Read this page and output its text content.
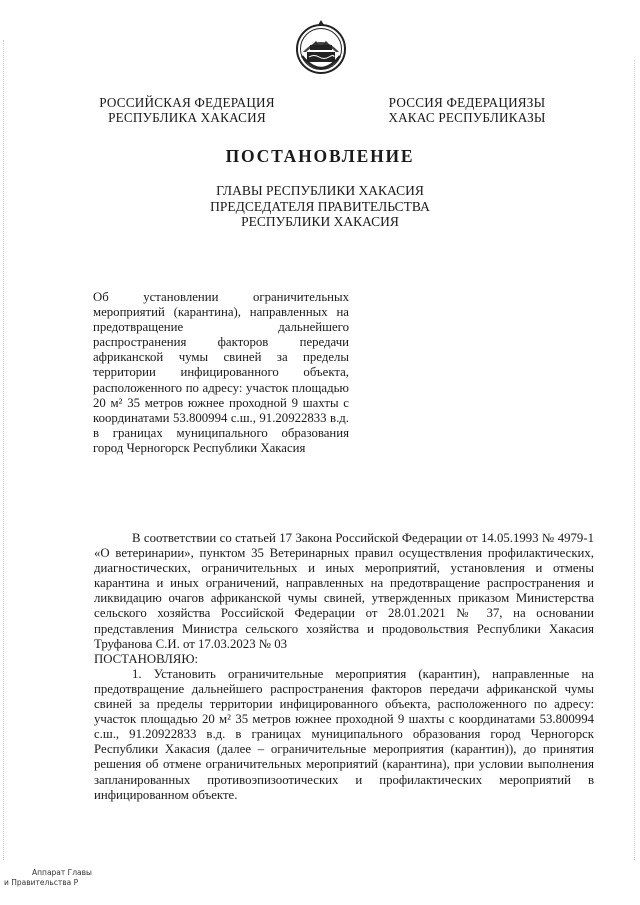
РОССИЙСКАЯ ФЕДЕРАЦИЯ
РЕСПУБЛИКА ХАКАСИЯ
РОССИЯ ФЕДЕРАЦИЯЗЫ
ХАКАС РЕСПУБЛИКАЗЫ
ПОСТАНОВЛЕНИЕ
ГЛАВЫ РЕСПУБЛИКИ ХАКАСИЯ
ПРЕДСЕДАТЕЛЯ ПРАВИТЕЛЬСТВА
РЕСПУБЛИКИ ХАКАСИЯ
Об установлении ограничительных мероприятий (карантина), направленных на предотвращение дальнейшего распространения факторов передачи африканской чумы свиней за пределы территории инфицированного объекта, расположенного по адресу: участок площадью 20 м² 35 метров южнее проходной 9 шахты с координатами 53.800994 с.ш., 91.20922833 в.д. в границах муниципального образования город Черногорск Республики Хакасия

В соответствии со статьей 17 Закона Российской Федерации от 14.05.1993 № 4979-1 «О ветеринарии», пунктом 35 Ветеринарных правил осуществления профилактических, диагностических, ограничительных и иных мероприятий, установления и отмены карантина и иных ограничений, направленных на предотвращение распространения и ликвидацию очагов африканской чумы свиней, утвержденных приказом Министерства сельского хозяйства Российской Федерации от 28.01.2021 № 37, на основании представления Министра сельского хозяйства и продовольствия Республики Хакасия Труфанова С.И. от 17.03.2023 № 03

ПОСТАНОВЛЯЮ:

1. Установить ограничительные мероприятия (карантин), направленные на предотвращение дальнейшего распространения факторов передачи африканской чумы свиней за пределы территории инфицированного объекта, расположенного по адресу: участок площадью 20 м² 35 метров южнее проходной 9 шахты с координатами 53.800994 с.ш., 91.20922833 в.д. в границах муниципального образования город Черногорск Республики Хакасия (далее – ограничительные мероприятия (карантин)), до принятия решения об отмене ограничительных мероприятий (карантина), при условии выполнения запланированных противоэпизоотических и профилактических мероприятий в инфицированном объекте.

Аппарат Главы
и Правительства Р
